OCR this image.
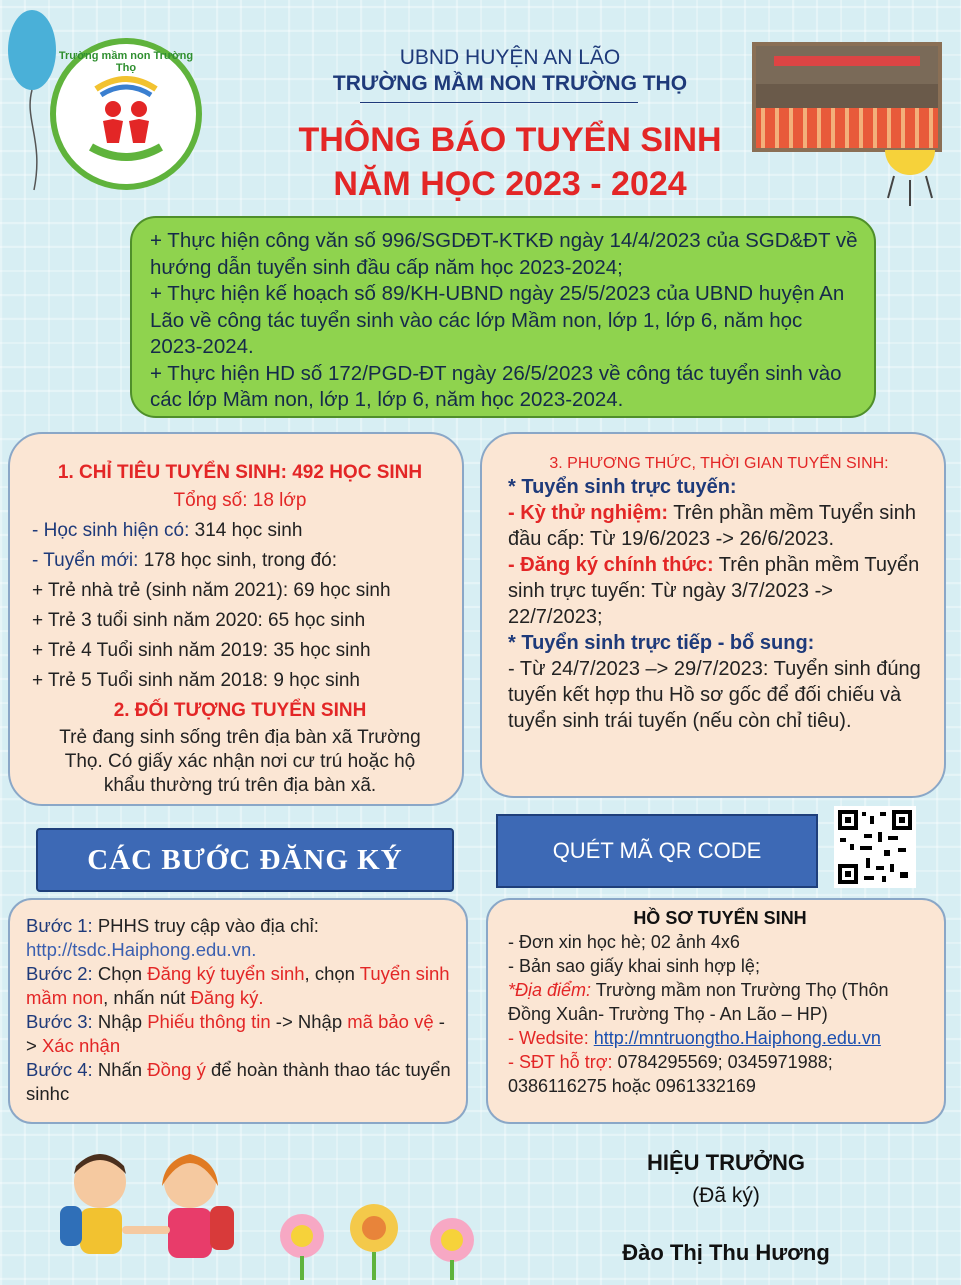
Trường mầm non Trường Thọ	UBND HUYỆN AN LÃO
TRƯỜNG MẦM NON TRƯỜNG THỌ
THÔNG BÁO TUYỂN SINH
NĂM HỌC 2023 - 2024

+ Thực hiện công văn số 996/SGDĐT-KTKĐ ngày 14/4/2023 của SGD&ĐT về hướng dẫn tuyển sinh đầu cấp năm học 2023-2024;

+ Thực hiện kế hoạch số 89/KH-UBND ngày 25/5/2023 của UBND huyện An Lão về công tác tuyển sinh vào các lớp Mầm non, lớp 1, lớp 6, năm học 2023-2024.

+ Thực hiện HD số 172/PGD-ĐT ngày 26/5/2023 về công tác tuyển sinh vào các lớp Mầm non, lớp 1, lớp 6, năm học 2023-2024.

1. CHỈ TIÊU TUYỂN SINH: 492 HỌC SINH
Tổng số: 18 lớp
- Học sinh hiện có: 314 học sinh
- Tuyển mới: 178 học sinh, trong đó:
+ Trẻ nhà trẻ (sinh năm 2021): 69 học sinh
+ Trẻ 3 tuổi sinh năm 2020: 65 học sinh
+ Trẻ 4 Tuổi sinh năm 2019: 35 học sinh
+ Trẻ 5 Tuổi sinh năm 2018: 9 học sinh
2. ĐỐI TƯỢNG TUYỂN SINH
Trẻ đang sinh sống trên địa bàn xã Trường Thọ. Có giấy xác nhận nơi cư trú hoặc hộ khẩu thường trú trên địa bàn xã.
3. PHƯƠNG THỨC, THỜI GIAN TUYỂN SINH:
* Tuyển sinh trực tuyến:
- Kỳ thử nghiệm: Trên phần mềm Tuyển sinh đầu cấp: Từ 19/6/2023 -> 26/6/2023.
- Đăng ký chính thức: Trên phần mềm Tuyển sinh trực tuyến: Từ ngày 3/7/2023 -> 22/7/2023;
* Tuyển sinh trực tiếp - bổ sung:
- Từ 24/7/2023 –> 29/7/2023: Tuyển sinh đúng tuyến kết hợp thu Hồ sơ gốc để đối chiếu và tuyển sinh trái tuyến (nếu còn chỉ tiêu).
CÁC BƯỚC ĐĂNG KÝ	QUÉT MÃ QR CODE
Bước 1: PHHS truy cập vào địa chỉ: http://tsdc.Haiphong.edu.vn.
Bước 2: Chọn Đăng ký tuyển sinh, chọn Tuyển sinh mầm non, nhấn nút Đăng ký.
Bước 3: Nhập Phiếu thông tin -> Nhập mã bảo vệ -> Xác nhận
Bước 4: Nhấn Đồng ý để hoàn thành thao tác tuyển sinhc
HỒ SƠ TUYỂN SINH
- Đơn xin học hè; 02 ảnh 4x6
- Bản sao giấy khai sinh hợp lệ;
*Địa điểm: Trường mầm non Trường Thọ (Thôn Đồng Xuân- Trường Thọ - An Lão – HP)
- Wedsite: http://mntruongtho.Haiphong.edu.vn
- SĐT hỗ trợ: 0784295569; 0345971988; 0386116275 hoặc 0961332169
HIỆU TRƯỞNG
(Đã ký)
Đào Thị Thu Hương
